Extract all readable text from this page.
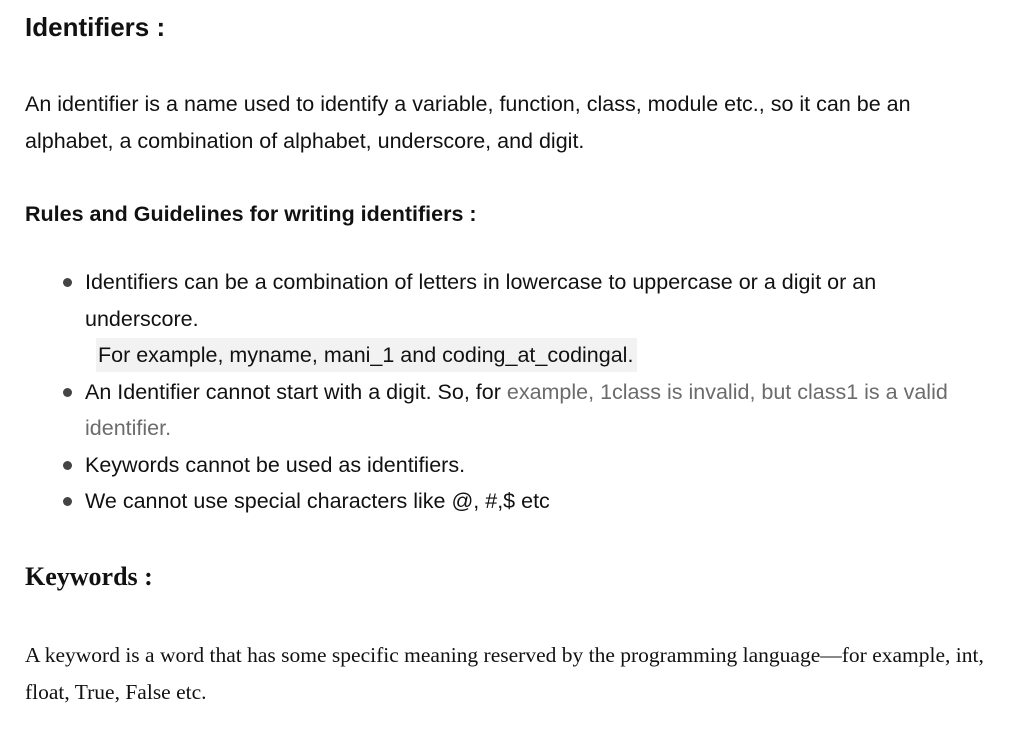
Identifiers :

An identifier is a name used to identify a variable, function, class, module etc., so it can be an alphabet, a combination of alphabet, underscore, and digit.

Rules and Guidelines for writing identifiers :
Identifiers can be a combination of letters in lowercase to uppercase or a digit or an underscore.
For example, myname, mani_1 and coding_at_codingal.
An Identifier cannot start with a digit. So, for example, 1class is invalid, but class1 is a valid identifier.
Keywords cannot be used as identifiers.
We cannot use special characters like @, #,$ etc
Keywords :

A keyword is a word that has some specific meaning reserved by the programming language—for example, int, float, True, False etc.
